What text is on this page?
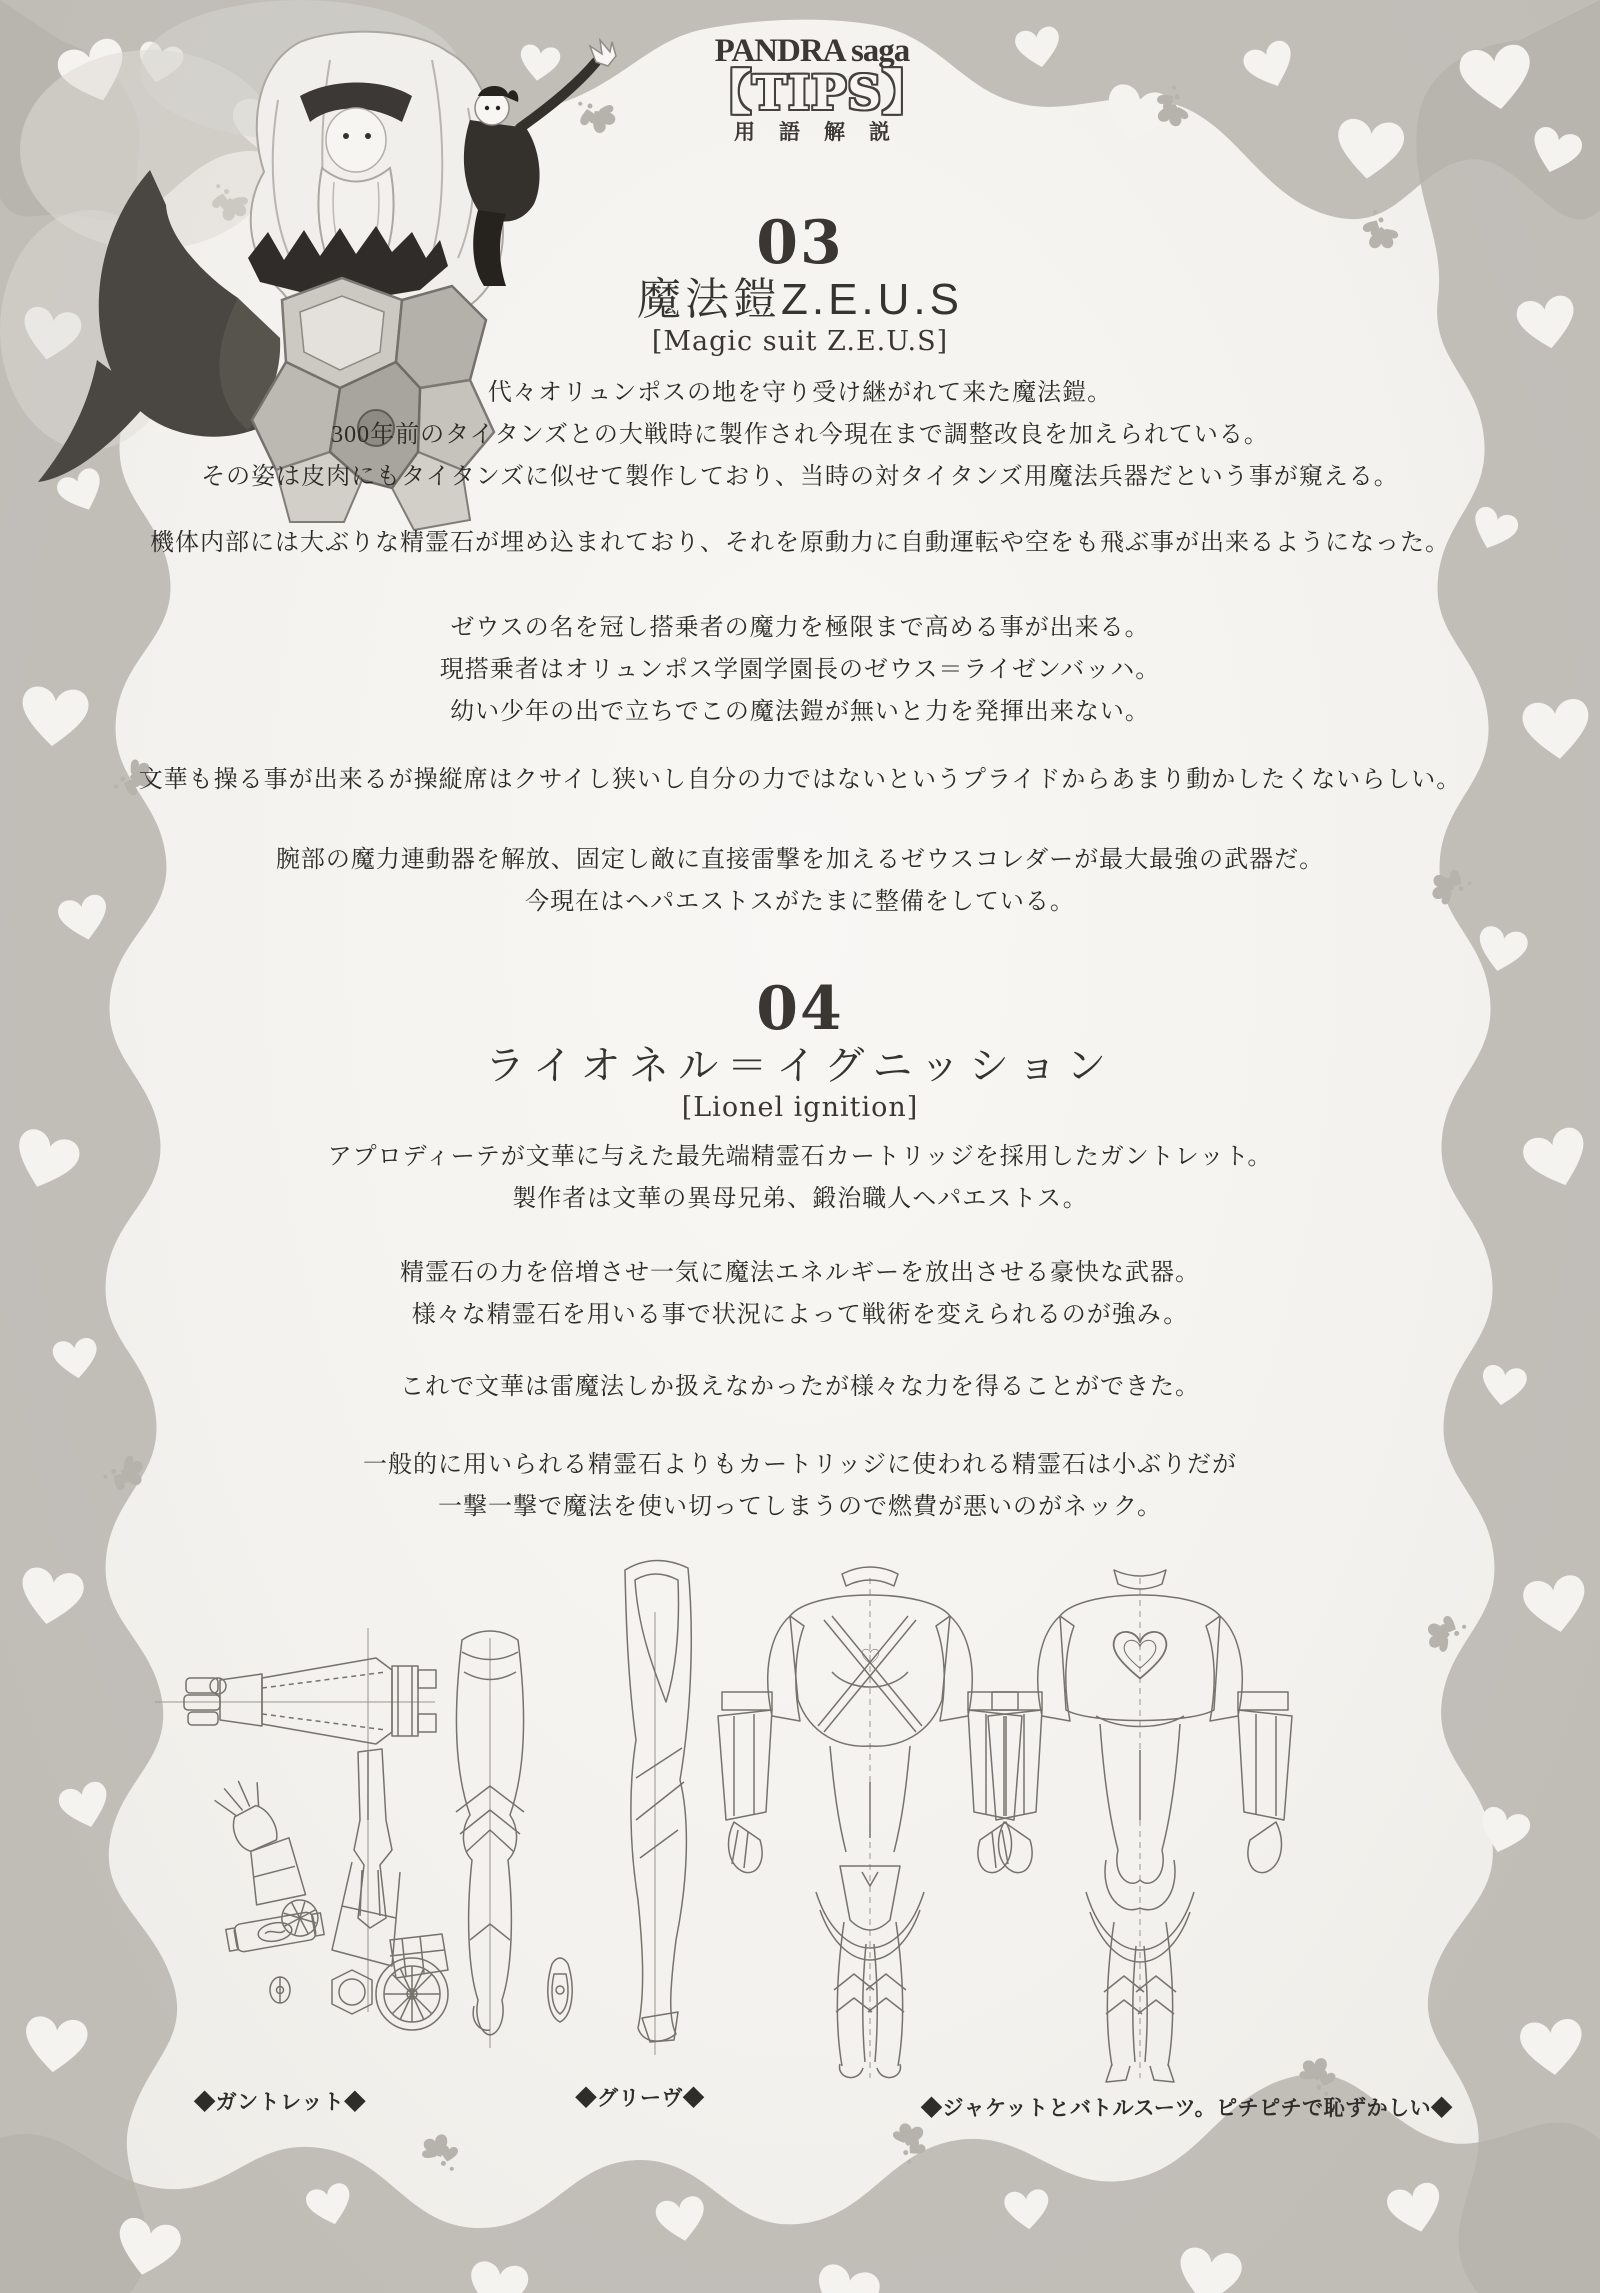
PANDRA saga
【TIPS】
用語解説
03
魔法鎧Z.E.U.S
[Magic suit Z.E.U.S]
代々オリュンポスの地を守り受け継がれて来た魔法鎧。
300年前のタイタンズとの大戦時に製作され今現在まで調整改良を加えられている。
その姿は皮肉にもタイタンズに似せて製作しており、当時の対タイタンズ用魔法兵器だという事が窺える。
機体内部には大ぶりな精霊石が埋め込まれており、それを原動力に自動運転や空をも飛ぶ事が出来るようになった。
ゼウスの名を冠し搭乗者の魔力を極限まで高める事が出来る。
現搭乗者はオリュンポス学園学園長のゼウス＝ライゼンバッハ。
幼い少年の出で立ちでこの魔法鎧が無いと力を発揮出来ない。
文華も操る事が出来るが操縦席はクサイし狭いし自分の力ではないというプライドからあまり動かしたくないらしい。
腕部の魔力連動器を解放、固定し敵に直接雷撃を加えるゼウスコレダーが最大最強の武器だ。
今現在はヘパエストスがたまに整備をしている。
04
ライオネル＝イグニッション
[Lionel ignition]
アプロディーテが文華に与えた最先端精霊石カートリッジを採用したガントレット。
製作者は文華の異母兄弟、鍛治職人ヘパエストス。
精霊石の力を倍増させ一気に魔法エネルギーを放出させる豪快な武器。
様々な精霊石を用いる事で状況によって戦術を変えられるのが強み。
これで文華は雷魔法しか扱えなかったが様々な力を得ることができた。
一般的に用いられる精霊石よりもカートリッジに使われる精霊石は小ぶりだが
一撃一撃で魔法を使い切ってしまうので燃費が悪いのがネック。
◆ガントレット◆	◆グリーヴ◆	◆ジャケットとバトルスーツ。ピチピチで恥ずかしい◆
